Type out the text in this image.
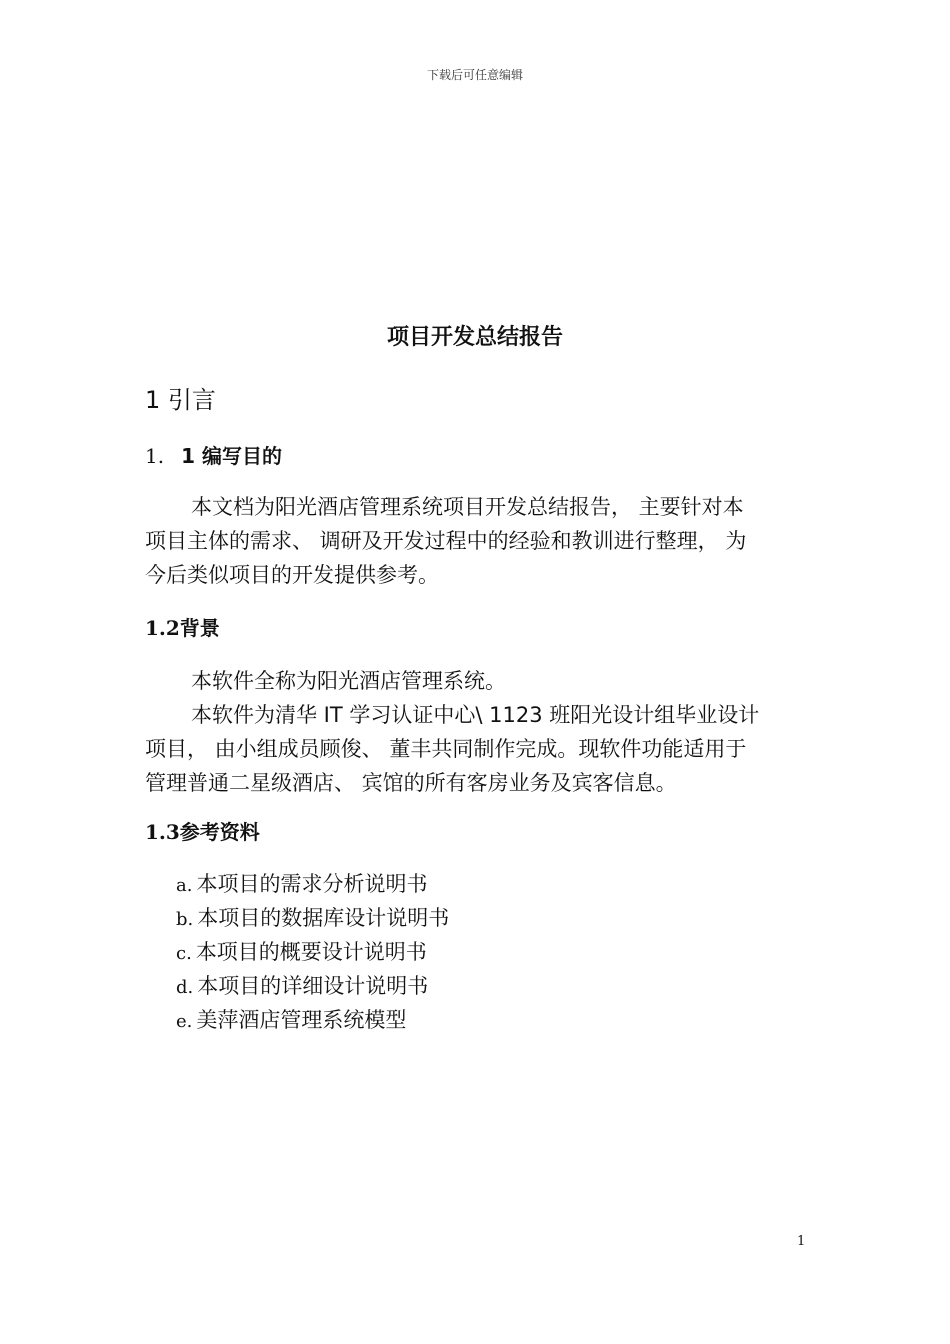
下载后可任意编辑
项目开发总结报告
1 引言
1. 1 编写目的

本文档为阳光酒店管理系统项目开发总结报告， 主要针对本
项目主体的需求、 调研及开发过程中的经验和教训进行整理， 为
今后类似项目的开发提供参考。

1.2背景

本软件全称为阳光酒店管理系统。
本软件为清华 IT 学习认证中心\ 1123 班阳光设计组毕业设计
项目， 由小组成员顾俊、 董丰共同制作完成。现软件功能适用于
管理普通二星级酒店、 宾馆的所有客房业务及宾客信息。

1.3参考资料
a. 本项目的需求分析说明书
b. 本项目的数据库设计说明书
c. 本项目的概要设计说明书
d. 本项目的详细设计说明书
e. 美萍酒店管理系统模型
1
